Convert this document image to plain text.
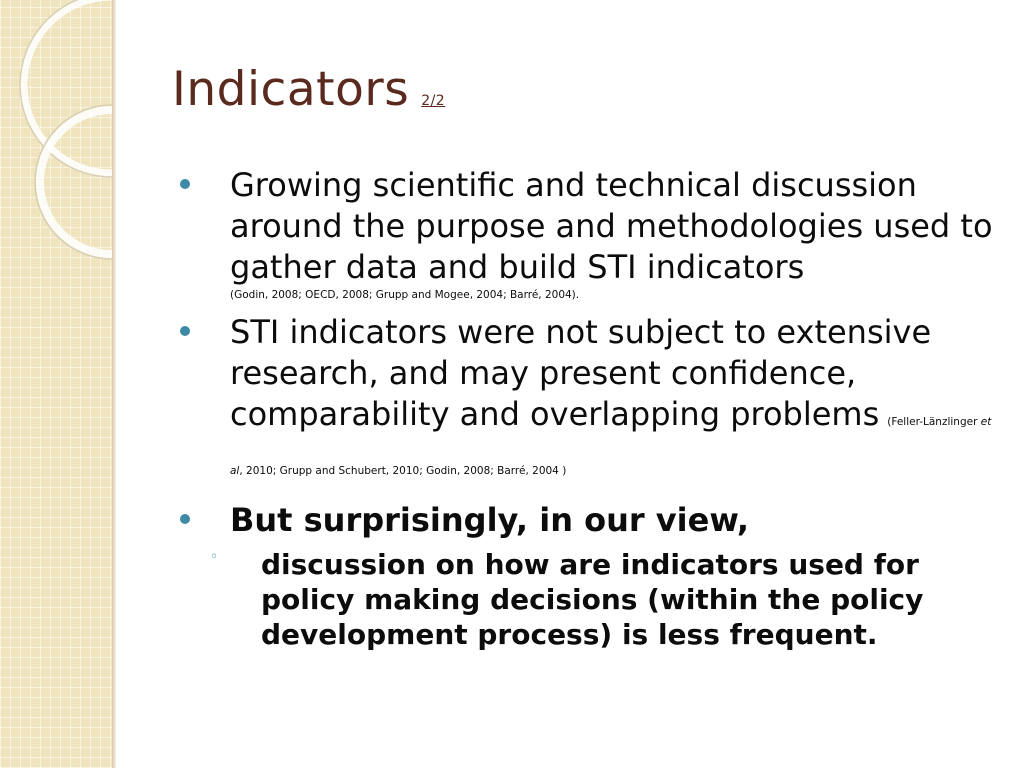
Indicators 2/2
Growing scientific and technical discussion around the purpose and methodologies used to gather data and build STI indicators
(Godin, 2008; OECD, 2008; Grupp and Mogee, 2004; Barré, 2004).
STI indicators were not subject to extensive research, and may present confidence, comparability and overlapping problems (Feller-Länzlinger et al, 2010; Grupp and Schubert, 2010; Godin, 2008; Barré, 2004 )
But surprisingly, in our view,
◦ discussion on how are indicators used for policy making decisions (within the policy development process) is less frequent.
